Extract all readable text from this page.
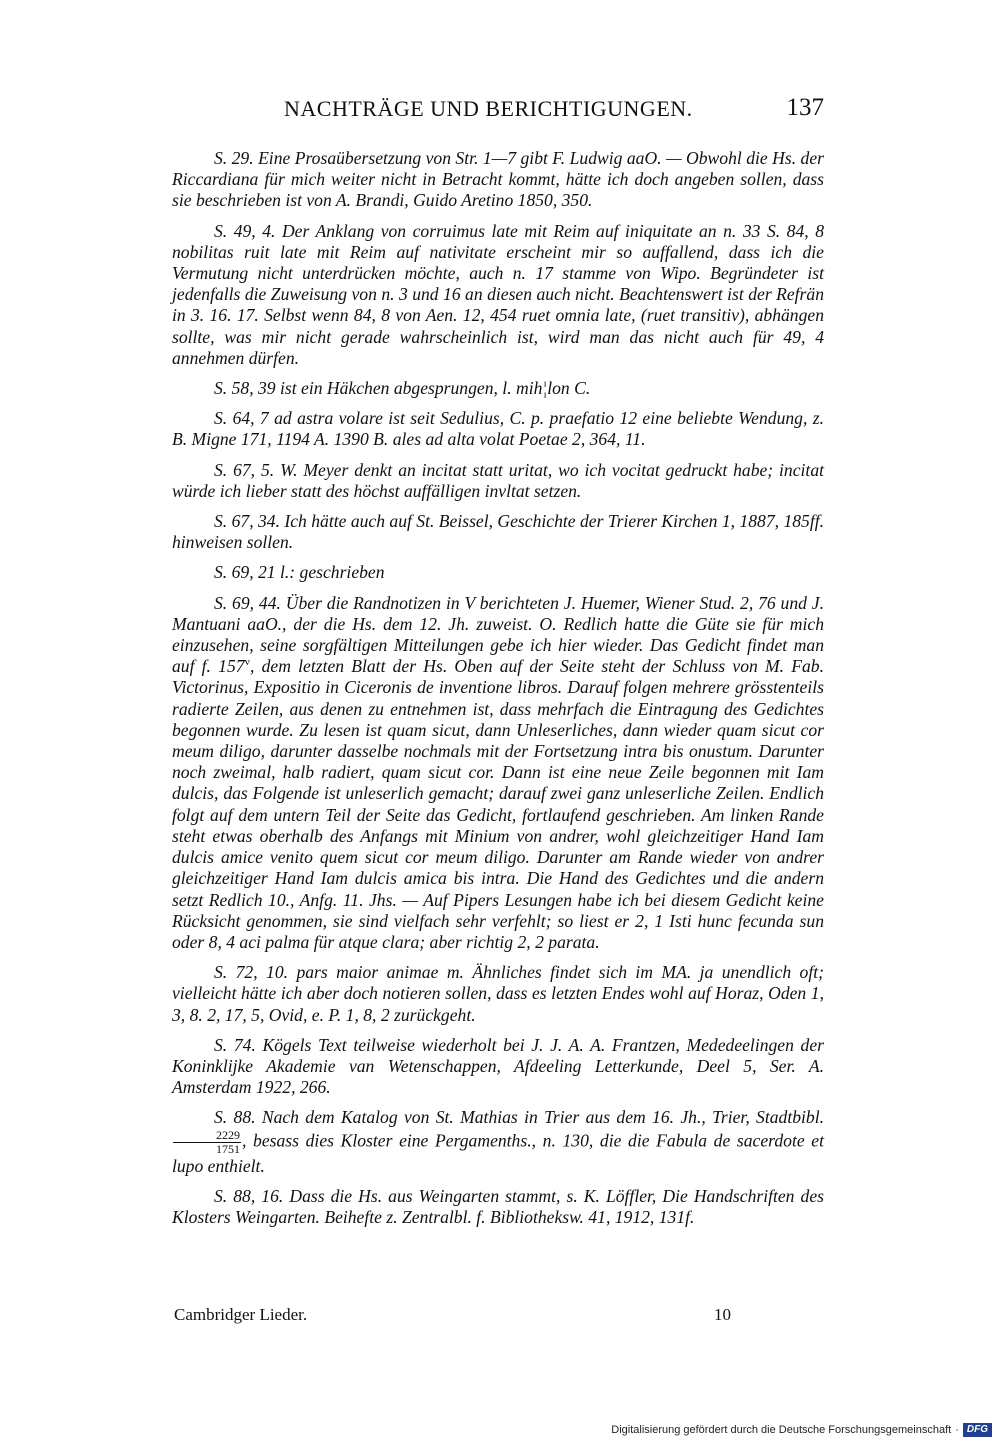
NACHTRÄGE UND BERICHTIGUNGEN.	137

S. 29. Eine Prosaübersetzung von Str. 1—7 gibt F. Ludwig aaO. — Obwohl die Hs. der Riccardiana für mich weiter nicht in Betracht kommt, hätte ich doch angeben sollen, dass sie beschrieben ist von A. Brandi, Guido Aretino 1850, 350.

S. 49, 4. Der Anklang von corruimus late mit Reim auf iniquitate an n. 33 S. 84, 8 nobilitas ruit late mit Reim auf nativitate erscheint mir so auffallend, dass ich die Vermutung nicht unterdrücken möchte, auch n. 17 stamme von Wipo. Begründeter ist jedenfalls die Zuweisung von n. 3 und 16 an diesen auch nicht. Beachtenswert ist der Refrän in 3. 16. 17. Selbst wenn 84, 8 von Aen. 12, 454 ruet omnia late, (ruet transitiv), abhängen sollte, was mir nicht gerade wahrscheinlich ist, wird man das nicht auch für 49, 4 annehmen dürfen.

S. 58, 39 ist ein Häkchen abgesprungen, l. mih¦lon C.

S. 64, 7 ad astra volare ist seit Sedulius, C. p. praefatio 12 eine beliebte Wendung, z. B. Migne 171, 1194 A. 1390 B. ales ad alta volat Poetae 2, 364, 11.

S. 67, 5. W. Meyer denkt an incitat statt uritat, wo ich vocitat gedruckt habe; incitat würde ich lieber statt des höchst auffälligen invltat setzen.

S. 67, 34. Ich hätte auch auf St. Beissel, Geschichte der Trierer Kirchen 1, 1887, 185ff. hinweisen sollen.

S. 69, 21 l.: geschrieben

S. 69, 44. Über die Randnotizen in V berichteten J. Huemer, Wiener Stud. 2, 76 und J. Mantuani aaO., der die Hs. dem 12. Jh. zuweist. O. Redlich hatte die Güte sie für mich einzusehen, seine sorgfältigen Mitteilungen gebe ich hier wieder. Das Gedicht findet man auf f. 157$^v$, dem letzten Blatt der Hs. Oben auf der Seite steht der Schluss von M. Fab. Victorinus, Expositio in Ciceronis de inventione libros. Darauf folgen mehrere grösstenteils radierte Zeilen, aus denen zu entnehmen ist, dass mehrfach die Eintragung des Gedichtes begonnen wurde. Zu lesen ist quam sicut, dann Unleserliches, dann wieder quam sicut cor meum diligo, darunter dasselbe nochmals mit der Fortsetzung intra bis onustum. Darunter noch zweimal, halb radiert, quam sicut cor. Dann ist eine neue Zeile begonnen mit Iam dulcis, das Folgende ist unleserlich gemacht; darauf zwei ganz unleserliche Zeilen. Endlich folgt auf dem untern Teil der Seite das Gedicht, fortlaufend geschrieben. Am linken Rande steht etwas oberhalb des Anfangs mit Minium von andrer, wohl gleichzeitiger Hand Iam dulcis amice venito quem sicut cor meum diligo. Darunter am Rande wieder von andrer gleichzeitiger Hand Iam dulcis amica bis intra. Die Hand des Gedichtes und die andern setzt Redlich 10., Anfg. 11. Jhs. — Auf Pipers Lesungen habe ich bei diesem Gedicht keine Rücksicht genommen, sie sind vielfach sehr verfehlt; so liest er 2, 1 Isti hunc fecunda sun oder 8, 4 aci palma für atque clara; aber richtig 2, 2 parata.

S. 72, 10. pars maior animae m. Ähnliches findet sich im MA. ja unendlich oft; vielleicht hätte ich aber doch notieren sollen, dass es letzten Endes wohl auf Horaz, Oden 1, 3, 8. 2, 17, 5, Ovid, e. P. 1, 8, 2 zurückgeht.

S. 74. Kögels Text teilweise wiederholt bei J. J. A. A. Frantzen, Mededeelingen der Koninklijke Akademie van Wetenschappen, Afdeeling Letterkunde, Deel 5, Ser. A. Amsterdam 1922, 266.

S. 88. Nach dem Katalog von St. Mathias in Trier aus dem 16. Jh., Trier, Stadtbibl.
$\frac{2229}{1751}$ , besass dies Kloster eine Pergamenths., n. 130, die die Fabula de sacerdote et lupo enthielt.

S. 88, 16. Dass die Hs. aus Weingarten stammt, s. K. Löffler, Die Handschriften des Klosters Weingarten. Beihefte z. Zentralbl. f. Bibliotheksw. 41, 1912, 131f.

Cambridger Lieder.	10
Digitalisierung gefördert durch die Deutsche Forschungsgemeinschaft · DFG
